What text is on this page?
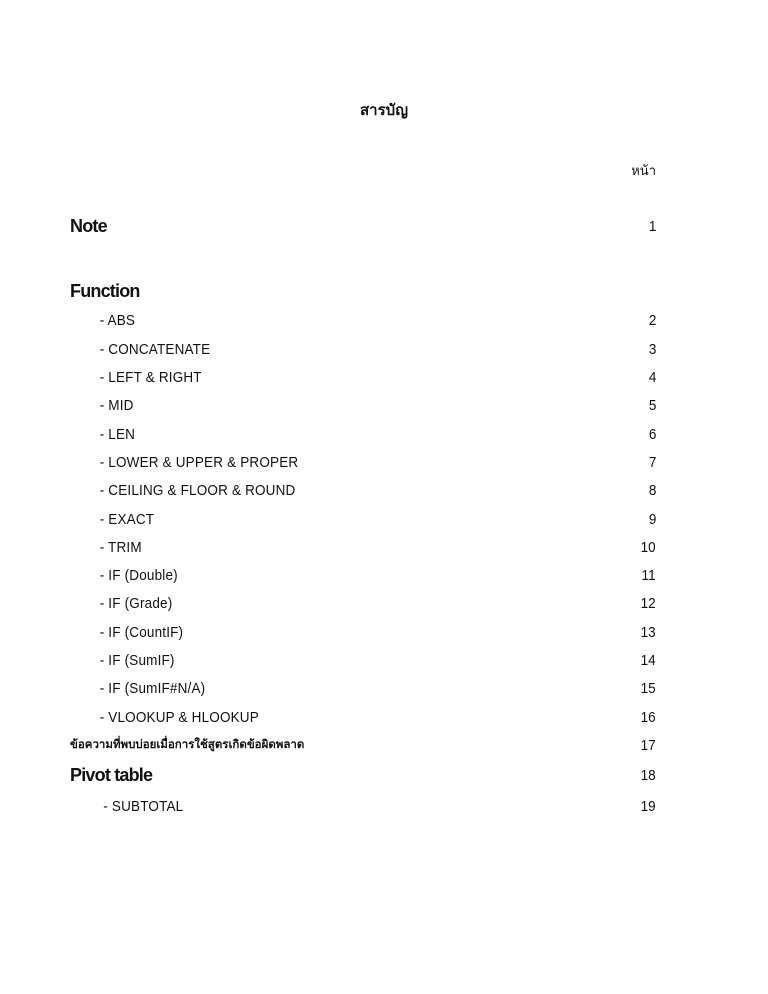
สารบัญ
หน้า
Note	1
Function
- ABS	2
- CONCATENATE	3
- LEFT & RIGHT	4
- MID	5
- LEN	6
- LOWER & UPPER & PROPER	7
- CEILING & FLOOR & ROUND	8
- EXACT	9
- TRIM	10
- IF (Double)	11
- IF (Grade)	12
- IF (CountIF)	13
- IF (SumIF)	14
- IF (SumIF#N/A)	15
- VLOOKUP & HLOOKUP	16
ข้อความที่พบบ่อยเมื่อการใช้สูตรเกิดข้อผิดพลาด	17
Pivot table	18
- SUBTOTAL	19
